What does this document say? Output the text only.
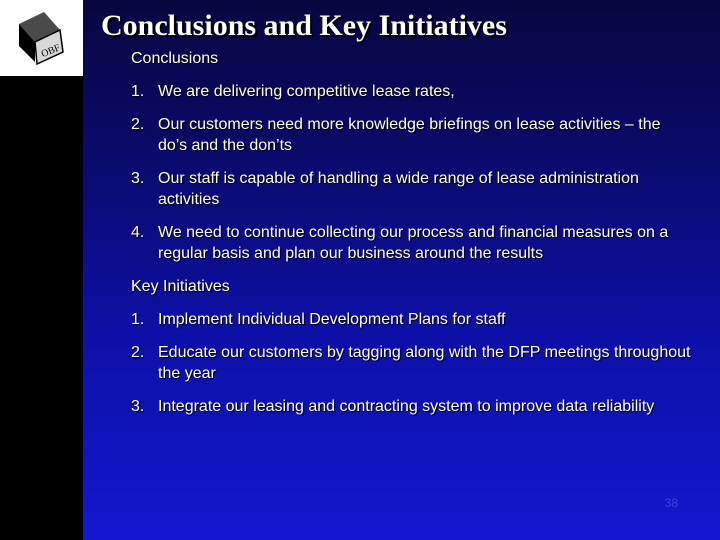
OBF
Conclusions and Key Initiatives

Conclusions

1. We are delivering competitive lease rates,
2. Our customers need more knowledge briefings on lease activities – the do’s and the don’ts
3. Our staff is capable of handling a wide range of lease administration activities
4. We need to continue collecting our process and financial measures on a regular basis and plan our business around the results

Key Initiatives

1. Implement Individual Development Plans for staff
2. Educate our customers by tagging along with the DFP meetings throughout the year
3. Integrate our leasing and contracting system to improve data reliability
38
